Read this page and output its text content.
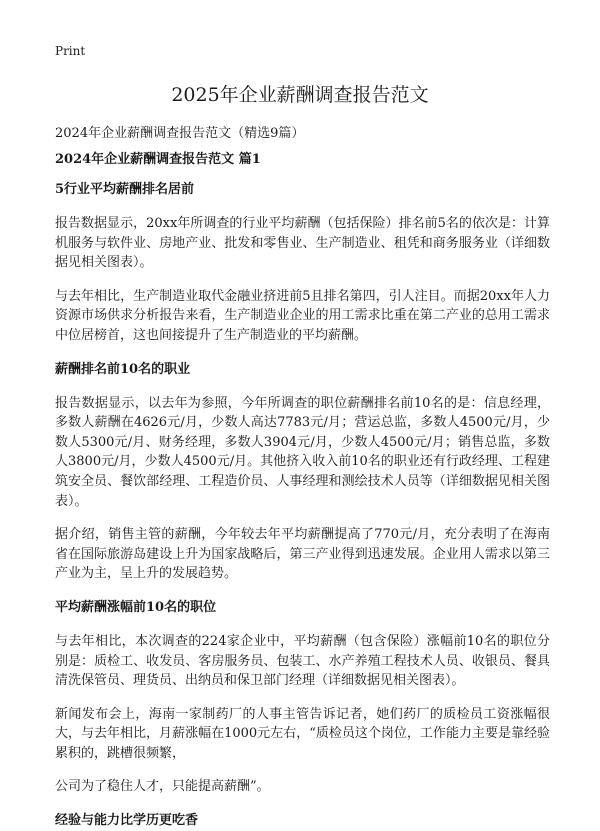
Print
2025年企业薪酬调查报告范文

2024年企业薪酬调查报告范文（精选9篇）

2024年企业薪酬调查报告范文 篇1

5行业平均薪酬排名居前

报告数据显示，20xx年所调查的行业平均薪酬（包括保险）排名前5名的依次是：计算机服务与软件业、房地产业、批发和零售业、生产制造业、租凭和商务服务业（详细数据见相关图表）。

与去年相比，生产制造业取代金融业挤进前5且排名第四，引人注目。而据20xx年人力资源市场供求分析报告来看，生产制造业企业的用工需求比重在第二产业的总用工需求中位居榜首，这也间接提升了生产制造业的平均薪酬。

薪酬排名前10名的职业

报告数据显示，以去年为参照，今年所调查的职位薪酬排名前10名的是：信息经理，多数人薪酬在4626元/月，少数人高达7783元/月；营运总监，多数人4500元/月，少数人5300元/月、财务经理，多数人3904元/月，少数人4500元/月；销售总监，多数人3800元/月，少数人4500元/月。其他挤入收入前10名的职业还有行政经理、工程建筑安全员、餐饮部经理、工程造价员、人事经理和测绘技术人员等（详细数据见相关图表）。

据介绍，销售主管的薪酬，今年较去年平均薪酬提高了770元/月，充分表明了在海南省在国际旅游岛建设上升为国家战略后，第三产业得到迅速发展。企业用人需求以第三产业为主，呈上升的发展趋势。

平均薪酬涨幅前10名的职位

与去年相比，本次调查的224家企业中，平均薪酬（包含保险）涨幅前10名的职位分别是：质检工、收发员、客房服务员、包装工、水产养殖工程技术人员、收银员、餐具清洗保管员、理货员、出纳员和保卫部门经理（详细数据见相关图表）。

新闻发布会上，海南一家制药厂的人事主管告诉记者，她们药厂的质检员工资涨幅很大，与去年相比，月薪涨幅在1000元左右，“质检员这个岗位，工作能力主要是靠经验累积的，跳槽很频繁，

公司为了稳住人才，只能提高薪酬”。

经验与能力比学历更吃香
